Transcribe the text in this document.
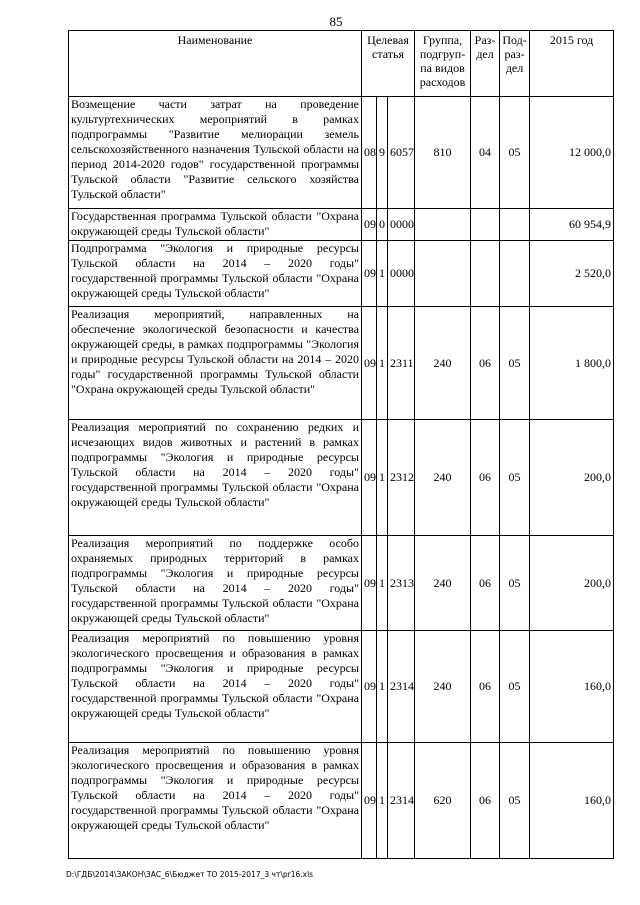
85
Наименование	Целевая статья			Группа, подгруп-па видов расходов	Раз-дел	Под-раз-дел	2015 год
Возмещение части затрат на проведение культуртехнических мероприятий в рамках подпрограммы "Развитие мелиорации земель сельскохозяйственного назначения Тульской области на период 2014-2020 годов" государственной программы Тульской области "Развитие сельского хозяйства Тульской области"	08	9	6057	810	04	05	12 000,0
Государственная программа Тульской области "Охрана окружающей среды Тульской области"	09	0	0000				60 954,9
Подпрограмма "Экология и природные ресурсы Тульской области на 2014 – 2020 годы" государственной программы Тульской области "Охрана окружающей среды Тульской области"	09	1	0000				2 520,0
Реализация мероприятий, направленных на обеспечение экологической безопасности и качества окружающей среды, в рамках подпрограммы "Экология и природные ресурсы Тульской области на 2014 – 2020 годы" государственной программы Тульской области "Охрана окружающей среды Тульской области"	09	1	2311	240	06	05	1 800,0
Реализация мероприятий по сохранению редких и исчезающих видов животных и растений в рамках подпрограммы "Экология и природные ресурсы Тульской области на 2014 – 2020 годы" государственной программы Тульской области "Охрана окружающей среды Тульской области"	09	1	2312	240	06	05	200,0
Реализация мероприятий по поддержке особо охраняемых природных территорий в рамках подпрограммы "Экология и природные ресурсы Тульской области на 2014 – 2020 годы" государственной программы Тульской области "Охрана окружающей среды Тульской области"	09	1	2313	240	06	05	200,0
Реализация мероприятий по повышению уровня экологического просвещения и образования в рамках подпрограммы "Экология и природные ресурсы Тульской области на 2014 – 2020 годы" государственной программы Тульской области "Охрана окружающей среды Тульской области"	09	1	2314	240	06	05	160,0
Реализация мероприятий по повышению уровня экологического просвещения и образования в рамках подпрограммы "Экология и природные ресурсы Тульской области на 2014 – 2020 годы" государственной программы Тульской области "Охрана окружающей среды Тульской области"	09	1	2314	620	06	05	160,0
D:\ГДБ\2014\ЗАКОН\ЗАС_6\Бюджет ТО 2015-2017_3 чт\рr16.xls
